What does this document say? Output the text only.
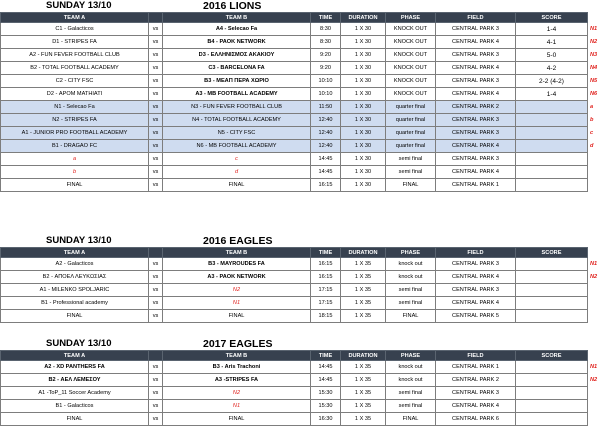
SUNDAY 13/10	2016 LIONS
TEAM A		TEAM B	TIME	DURATION	PHASE	FIELD	SCORE	
C1 - Galacticos	vs	A4 - Selecao Fa	8:30	1 X 30	KNOCK OUT	CENTRAL PARK 3	1-4	N1
D1 - STRIPES FA	vs	B4 - PAOK NETWORK	8:30	1 X 30	KNOCK OUT	CENTRAL PARK 4	4-1	N2
A2 - FUN FEVER FOOTBALL CLUB	vs	D3 - ΕΛΛΗΝΙΣΜΟΣ ΑΚΑΚΙΟΥ	9:20	1 X 30	KNOCK OUT	CENTRAL PARK 3	5-0	N3
B2 - TOTAL FOOTBALL ACADEMY	vs	C3 - BARCELONA FA	9:20	1 X 30	KNOCK OUT	CENTRAL PARK 4	4-2	N4
C2 - CITY FSC	vs	B3 - ΜΕΑΠ ΠΕΡΑ ΧΩΡΙΟ	10:10	1 X 30	KNOCK OUT	CENTRAL PARK 3	2-2 (4-2)	N5
D2 - ΑΡΟΜ ΜΑΤΗΙΑΤΙ	vs	A3 - MB FOOTBALL ACADEMY	10:10	1 X 30	KNOCK OUT	CENTRAL PARK 4	1-4	N6
N1 - Selecao Fa	vs	N3 - FUN FEVER FOOTBALL CLUB	11:50	1 X 30	quarter final	CENTRAL PARK 2		a
N2 - STRIPES FA	vs	N4 - TOTAL FOOTBALL ACADEMY	12:40	1 X 30	quarter final	CENTRAL PARK 3		b
A1 - JUNIOR PRO FOOTBALL ACADEMY	vs	N5 - CITY FSC	12:40	1 X 30	quarter final	CENTRAL PARK 3		c
B1 - DRAGAO FC	vs	N6 - MB FOOTBALL ACADEMY	12:40	1 X 30	quarter final	CENTRAL PARK 4		d
a	vs	c	14:45	1 X 30	semi final	CENTRAL PARK 3		
b	vs	d	14:45	1 X 30	semi final	CENTRAL PARK 4		
FINAL	vs	FINAL	16:15	1 X 30	FINAL	CENTRAL PARK 1		
SUNDAY 13/10	2016 EAGLES
TEAM A		TEAM B	TIME	DURATION	PHASE	FIELD	SCORE	
A2 - Galacticos	vs	B3 - MAYROUDES FA	16:15	1 X 35	knock out	CENTRAL PARK 3		N1
B2 - ΑΠΟΕΛ ΛΕΥΚΩΣΙΑΣ	vs	A3 - PAOK NETWORK	16:15	1 X 35	knock out	CENTRAL PARK 4		N2
A1 - MILENKO SPOLJARIC	vs	N2	17:15	1 X 35	semi final	CENTRAL PARK 3		
B1 - Professional academy	vs	N1	17:15	1 X 35	semi final	CENTRAL PARK 4		
FINAL	vs	FINAL	18:15	1 X 35	FINAL	CENTRAL PARK 5		
SUNDAY 13/10	2017 EAGLES
TEAM A		TEAM B	TIME	DURATION	PHASE	FIELD	SCORE	
A2 - XD PANTHERS FA	vs	B3 - Aris Trachoni	14:45	1 X 35	knock out	CENTRAL PARK 1		N1
B2 - ΑΕΛ ΛΕΜΕΣΟΥ	vs	A3 -STRIPES FA	14:45	1 X 35	knock out	CENTRAL PARK 2		N2
A1 -ToP_11 Soccer Academy	vs	N2	15:30	1 X 35	semi final	CENTRAL PARK 3		
B1 - Galacticos	vs	N1	15:30	1 X 35	semi final	CENTRAL PARK 4		
FINAL	vs	FINAL	16:30	1 X 35	FINAL	CENTRAL PARK 6		
